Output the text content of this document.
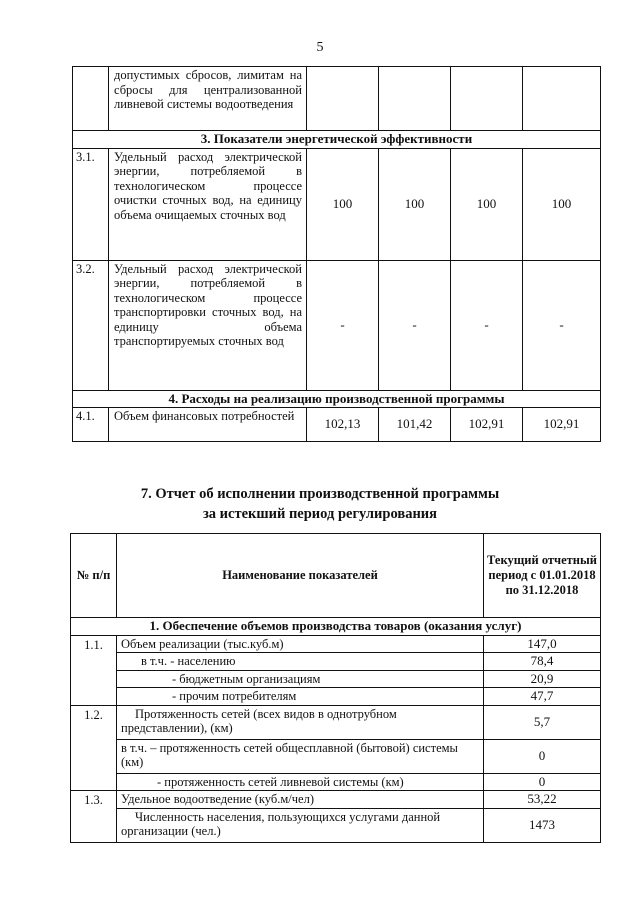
5
	допустимых сбросов, лимитам на сбросы для централизованной ливневой системы водоотведения				
3. Показатели энергетической эффективности					
3.1.	Удельный расход электрической энергии, потребляемой в технологическом процессе очистки сточных вод, на единицу объема очищаемых сточных вод	100	100	100	100
3.2.	Удельный расход электрической энергии, потребляемой в технологическом процессе транспортировки сточных вод, на единицу объема транспортируемых сточных вод	-	-	-	-
4. Расходы на реализацию производственной программы					
4.1.	Объем финансовых потребностей	102,13	101,42	102,91	102,91
7. Отчет об исполнении производственной программы
за истекший период регулирования
№ п/п	Наименование показателей	Текущий отчетный период с 01.01.2018 по 31.12.2018
1. Обеспечение объемов производства товаров (оказания услуг)		
1.1.	Объем реализации (тыс.куб.м)	147,0
	в т.ч. - населению	78,4
	- бюджетным организациям	20,9
	- прочим потребителям	47,7
1.2.	Протяженность сетей (всех видов в однотрубном представлении), (км)	5,7
	в т.ч. – протяженность сетей общесплавной (бытовой) системы (км)	0
	- протяженность сетей ливневой системы (км)	0
1.3.	Удельное водоотведение (куб.м/чел)	53,22
	Численность населения, пользующихся услугами данной организации (чел.)	1473
